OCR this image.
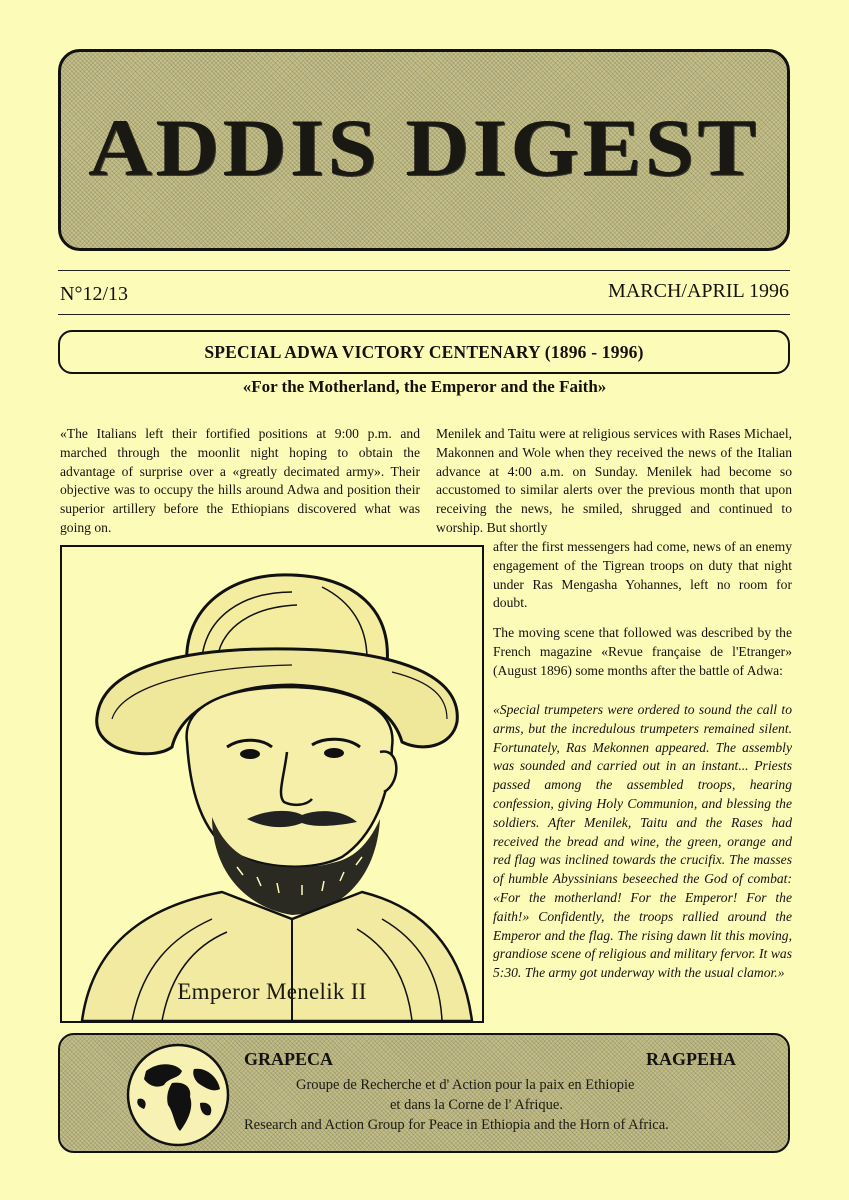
ADDIS DIGEST
N°12/13	MARCH/APRIL 1996
SPECIAL ADWA VICTORY CENTENARY (1896 - 1996)
«For the Motherland, the Emperor and the Faith»

«The Italians left their fortified positions at 9:00 p.m. and marched through the moonlit night hoping to obtain the advantage of surprise over a «greatly decimated army». Their objective was to occupy the hills around Adwa and position their superior artillery before the Ethiopians discovered what was going on.

Menilek and Taitu were at religious services with Rases Michael, Makonnen and Wole when they received the news of the Italian advance at 4:00 a.m. on Sunday. Menilek had become so accustomed to similar alerts over the previous month that upon receiving the news, he smiled, shrugged and continued to worship. But shortly

after the first messengers had come, news of an enemy engagement of the Tigrean troops on duty that night under Ras Mengasha Yohannes, left no room for doubt.

The moving scene that followed was described by the French magazine «Revue française de l'Etranger» (August 1896) some months after the battle of Adwa:

«Special trumpeters were ordered to sound the call to arms, but the incredulous trumpeters remained silent. Fortunately, Ras Mekonnen appeared. The assembly was sounded and carried out in an instant... Priests passed among the assembled troops, hearing confession, giving Holy Communion, and blessing the soldiers. After Menilek, Taitu and the Rases had received the bread and wine, the green, orange and red flag was inclined towards the crucifix. The masses of humble Abyssinians beseeched the God of combat: «For the motherland! For the Emperor! For the faith!» Confidently, the troops rallied around the Emperor and the flag. The rising dawn lit this moving, grandiose scene of religious and military fervor. It was 5:30. The army got underway with the usual clamor.»

Emperor Menelik II
GRAPECA	RAGPEHA
Groupe de Recherche et d' Action pour la paix en Ethiopie
et dans la Corne de l' Afrique.
Research and Action Group for Peace in Ethiopia and the Horn of Africa.
